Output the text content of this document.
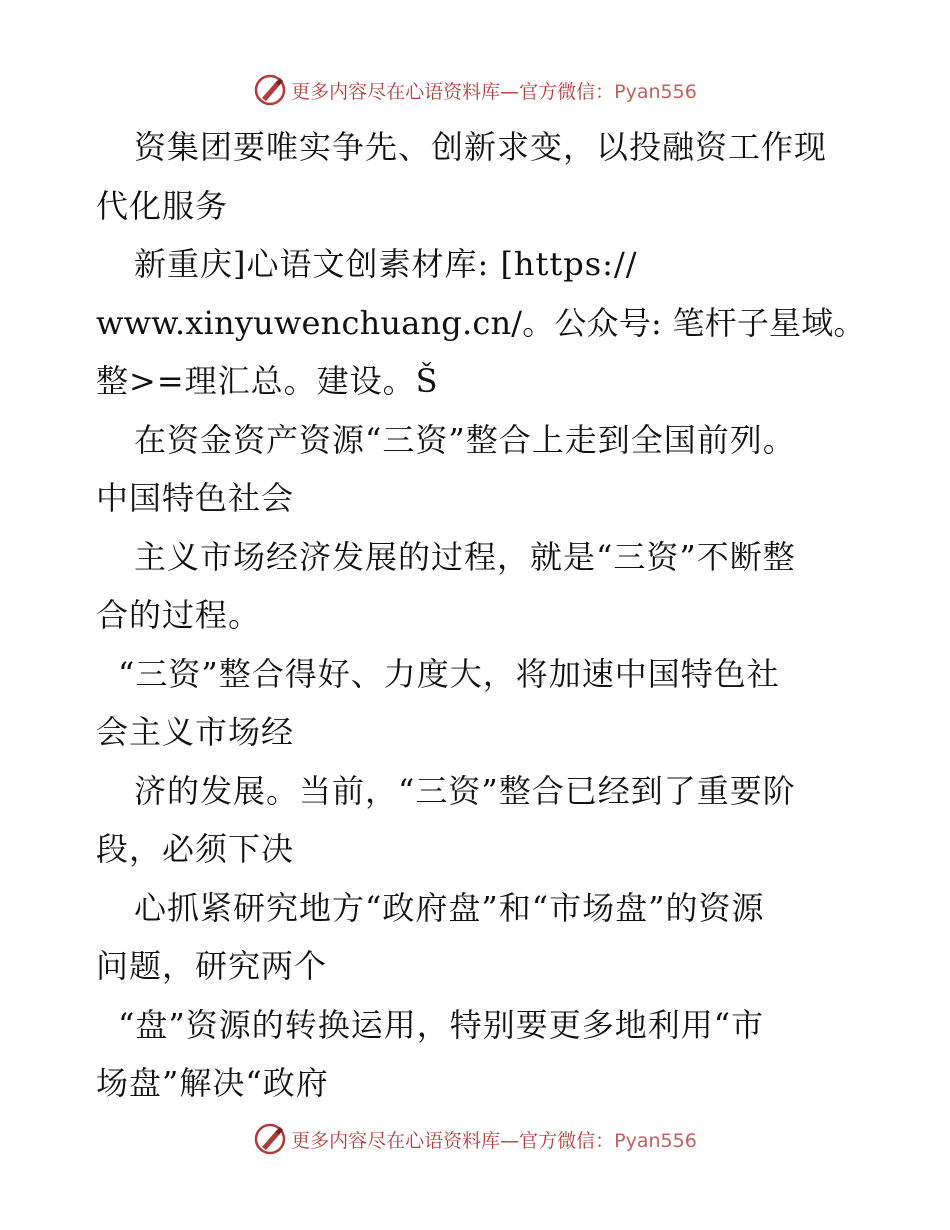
更多内容尽在心语资料库—官方微信：Pyan556
资集团要唯实争先、创新求变，以投融资工作现
代化服务
新重庆]心语文创素材库: [https://
www.xinyuwenchuang.cn/。公众号: 笔杆子星域。
整>=理汇总。建设。Š
在资金资产资源“三资”整合上走到全国前列。
中国特色社会
主义市场经济发展的过程，就是“三资”不断整
合的过程。
“三资”整合得好、力度大，将加速中国特色社
会主义市场经
济的发展。当前，“三资”整合已经到了重要阶
段，必须下决
心抓紧研究地方“政府盘”和“市场盘”的资源
问题，研究两个
“盘”资源的转换运用，特别要更多地利用“市
场盘”解决“政府
更多内容尽在心语资料库—官方微信：Pyan556
